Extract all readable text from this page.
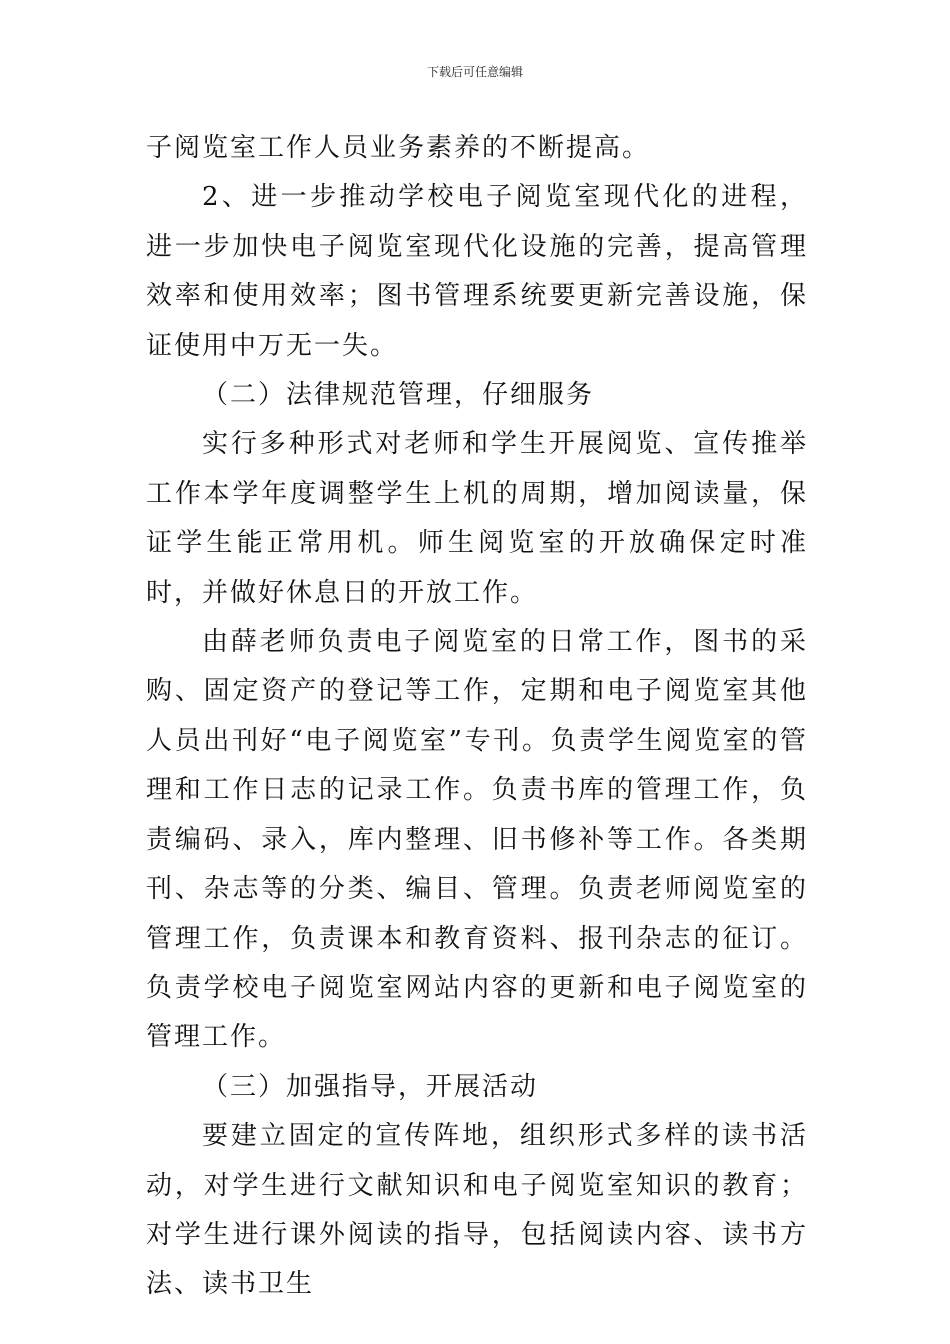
下载后可任意编辑

子阅览室工作人员业务素养的不断提高。

2、进一步推动学校电子阅览室现代化的进程，进一步加快电子阅览室现代化设施的完善，提高管理效率和使用效率；图书管理系统要更新完善设施，保证使用中万无一失。

（二）法律规范管理，仔细服务

实行多种形式对老师和学生开展阅览、宣传推举工作本学年度调整学生上机的周期，增加阅读量，保证学生能正常用机。师生阅览室的开放确保定时准时，并做好休息日的开放工作。

由薛老师负责电子阅览室的日常工作，图书的采购、固定资产的登记等工作，定期和电子阅览室其他人员出刊好“电子阅览室”专刊。负责学生阅览室的管理和工作日志的记录工作。负责书库的管理工作，负责编码、录入，库内整理、旧书修补等工作。各类期刊、杂志等的分类、编目、管理。负责老师阅览室的管理工作，负责课本和教育资料、报刊杂志的征订。负责学校电子阅览室网站内容的更新和电子阅览室的管理工作。

（三）加强指导，开展活动

要建立固定的宣传阵地，组织形式多样的读书活动，对学生进行文献知识和电子阅览室知识的教育；对学生进行课外阅读的指导，包括阅读内容、读书方法、读书卫生
